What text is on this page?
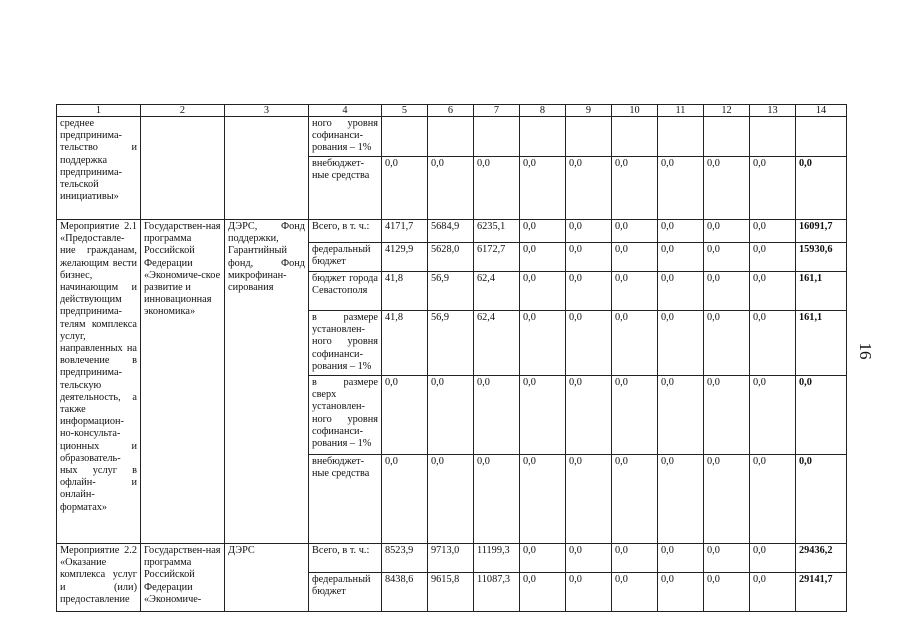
1	2	3	4	5	6	7	8	9	10	11	12	13	14
среднее предпринима-тельство и поддержка предпринима-тельской инициативы»			ного уровня софинанси-рования – 1%										
			внебюджет-ные средства	0,0	0,0	0,0	0,0	0,0	0,0	0,0	0,0	0,0	0,0
Мероприятие 2.1 «Предоставле-ние гражданам, желающим вести бизнес, начинающим и действующим предпринима-телям комплекса услуг, направленных на вовлечение в предпринима-тельскую деятельность, а также информацион-но-консульта-ционных и образователь-ных услуг в офлайн- и онлайн-форматах»	Государствен-ная программа Российской Федерации «Экономиче-ское развитие и инновационная экономика»	ДЭРС, Фонд поддержки, Гарантийный фонд, Фонд микрофинан-сирования	Всего, в т. ч.:	4171,7	5684,9	6235,1	0,0	0,0	0,0	0,0	0,0	0,0	16091,7
			федеральный бюджет	4129,9	5628,0	6172,7	0,0	0,0	0,0	0,0	0,0	0,0	15930,6
			бюджет города Севастополя	41,8	56,9	62,4	0,0	0,0	0,0	0,0	0,0	0,0	161,1
			в размере установлен-ного уровня софинанси-рования – 1%	41,8	56,9	62,4	0,0	0,0	0,0	0,0	0,0	0,0	161,1
			в размере сверх установлен-ного уровня софинанси-рования – 1%	0,0	0,0	0,0	0,0	0,0	0,0	0,0	0,0	0,0	0,0
			внебюджет-ные средства	0,0	0,0	0,0	0,0	0,0	0,0	0,0	0,0	0,0	0,0
Мероприятие 2.2 «Оказание комплекса услуг и (или) предоставление	Государствен-ная программа Российской Федерации «Экономиче-	ДЭРС	Всего, в т. ч.:	8523,9	9713,0	11199,3	0,0	0,0	0,0	0,0	0,0	0,0	29436,2
			федеральный бюджет	8438,6	9615,8	11087,3	0,0	0,0	0,0	0,0	0,0	0,0	29141,7
16
